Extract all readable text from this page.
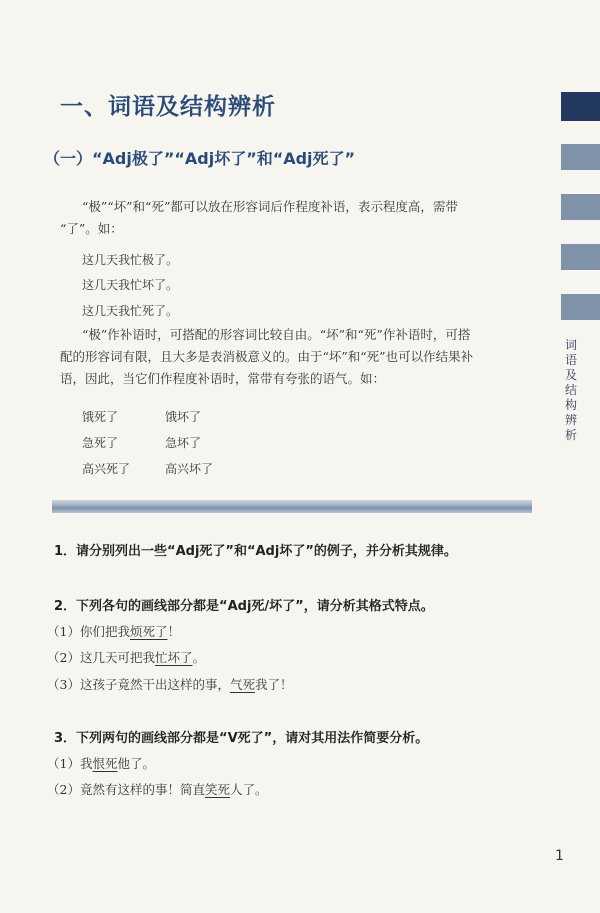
一、词语及结构辨析
（一）“Adj极了”“Adj坏了”和“Adj死了”
“极”“坏”和“死”都可以放在形容词后作程度补语，表示程度高，需带
“了”。如：
这几天我忙极了。
这几天我忙坏了。
这几天我忙死了。
“极”作补语时，可搭配的形容词比较自由。“坏”和“死”作补语时，可搭
配的形容词有限，且大多是表消极意义的。由于“坏”和“死”也可以作结果补
语，因此，当它们作程度补语时，常带有夸张的语气。如：
饿死了
急死了
高兴死了
饿坏了
急坏了
高兴坏了
1．请分别列出一些“Adj死了”和“Adj坏了”的例子，并分析其规律。
2．下列各句的画线部分都是“Adj死/坏了”，请分析其格式特点。
（1）你们把我烦死了！
（2）这几天可把我忙坏了。
（3）这孩子竟然干出这样的事，气死我了！
3．下列两句的画线部分都是“V死了”，请对其用法作简要分析。
（1）我恨死他了。
（2）竟然有这样的事！简直笑死人了。
词语及结构辨析
1
